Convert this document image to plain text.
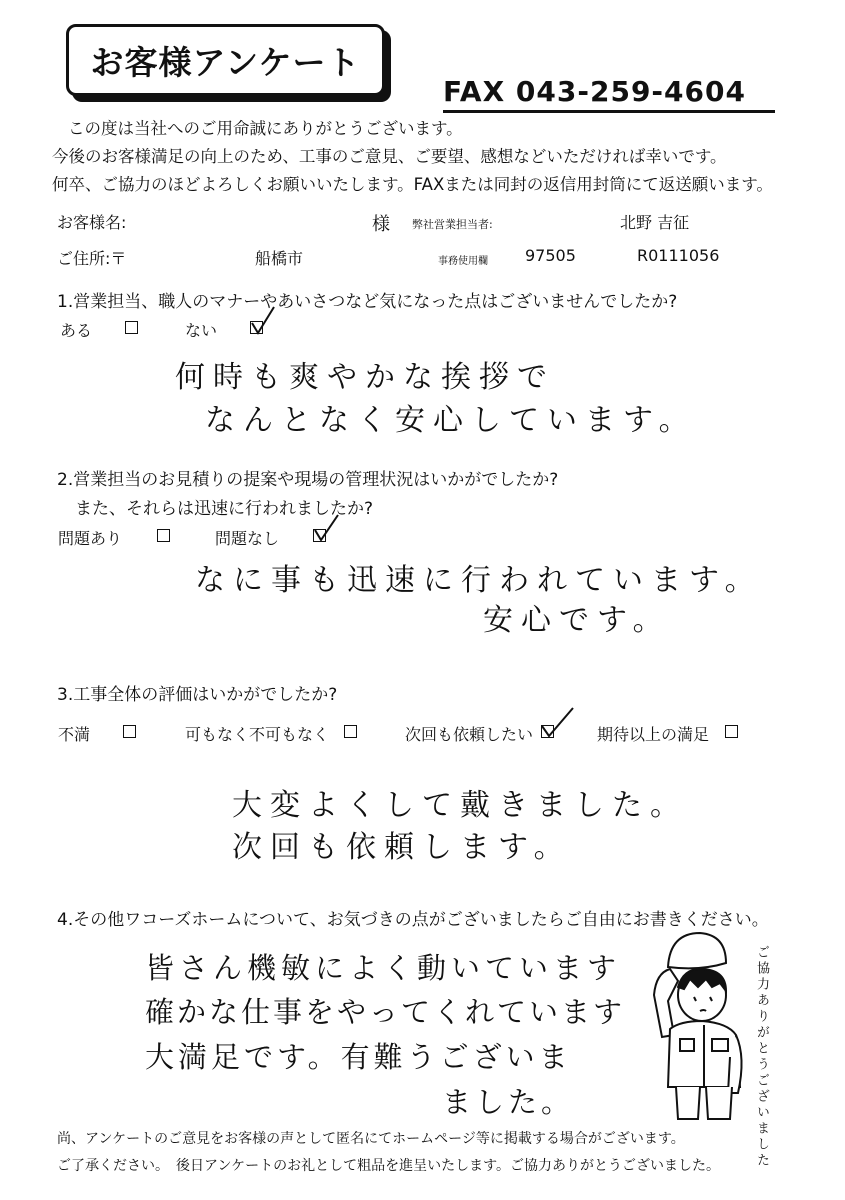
お客様アンケート
FAX 043-259-4604
この度は当社へのご用命誠にありがとうございます。
今後のお客様満足の向上のため、工事のご意見、ご要望、感想などいただければ幸いです。
何卒、ご協力のほどよろしくお願いいたします。FAXまたは同封の返信用封筒にて返送願います。
お客様名:	様 弊社営業担当者:	北野 吉征
ご住所:〒	船橋市	事務使用欄 97505	R0111056
1.営業担当、職人のマナーやあいさつなど気になった点はございませんでしたか?
ある	ない
何時も爽やかな挨拶で
なんとなく安心しています。
2.営業担当のお見積りの提案や現場の管理状況はいかがでしたか?
また、それらは迅速に行われましたか?
問題あり	問題なし
なに事も迅速に行われています。
安心です。
3.工事全体の評価はいかがでしたか?
不満	可もなく不可もなく	次回も依頼したい	期待以上の満足
大変よくして戴きました。
次回も依頼します。
4.その他ワコーズホームについて、お気づきの点がございましたらご自由にお書きください。
皆さん機敏によく動いています
確かな仕事をやってくれています
大満足です。有難うございま
ました。	ご協力ありがとうございました
尚、アンケートのご意見をお客様の声として匿名にてホームページ等に掲載する場合がございます。
ご了承ください。　後日アンケートのお礼として粗品を進呈いたします。ご協力ありがとうございました。
